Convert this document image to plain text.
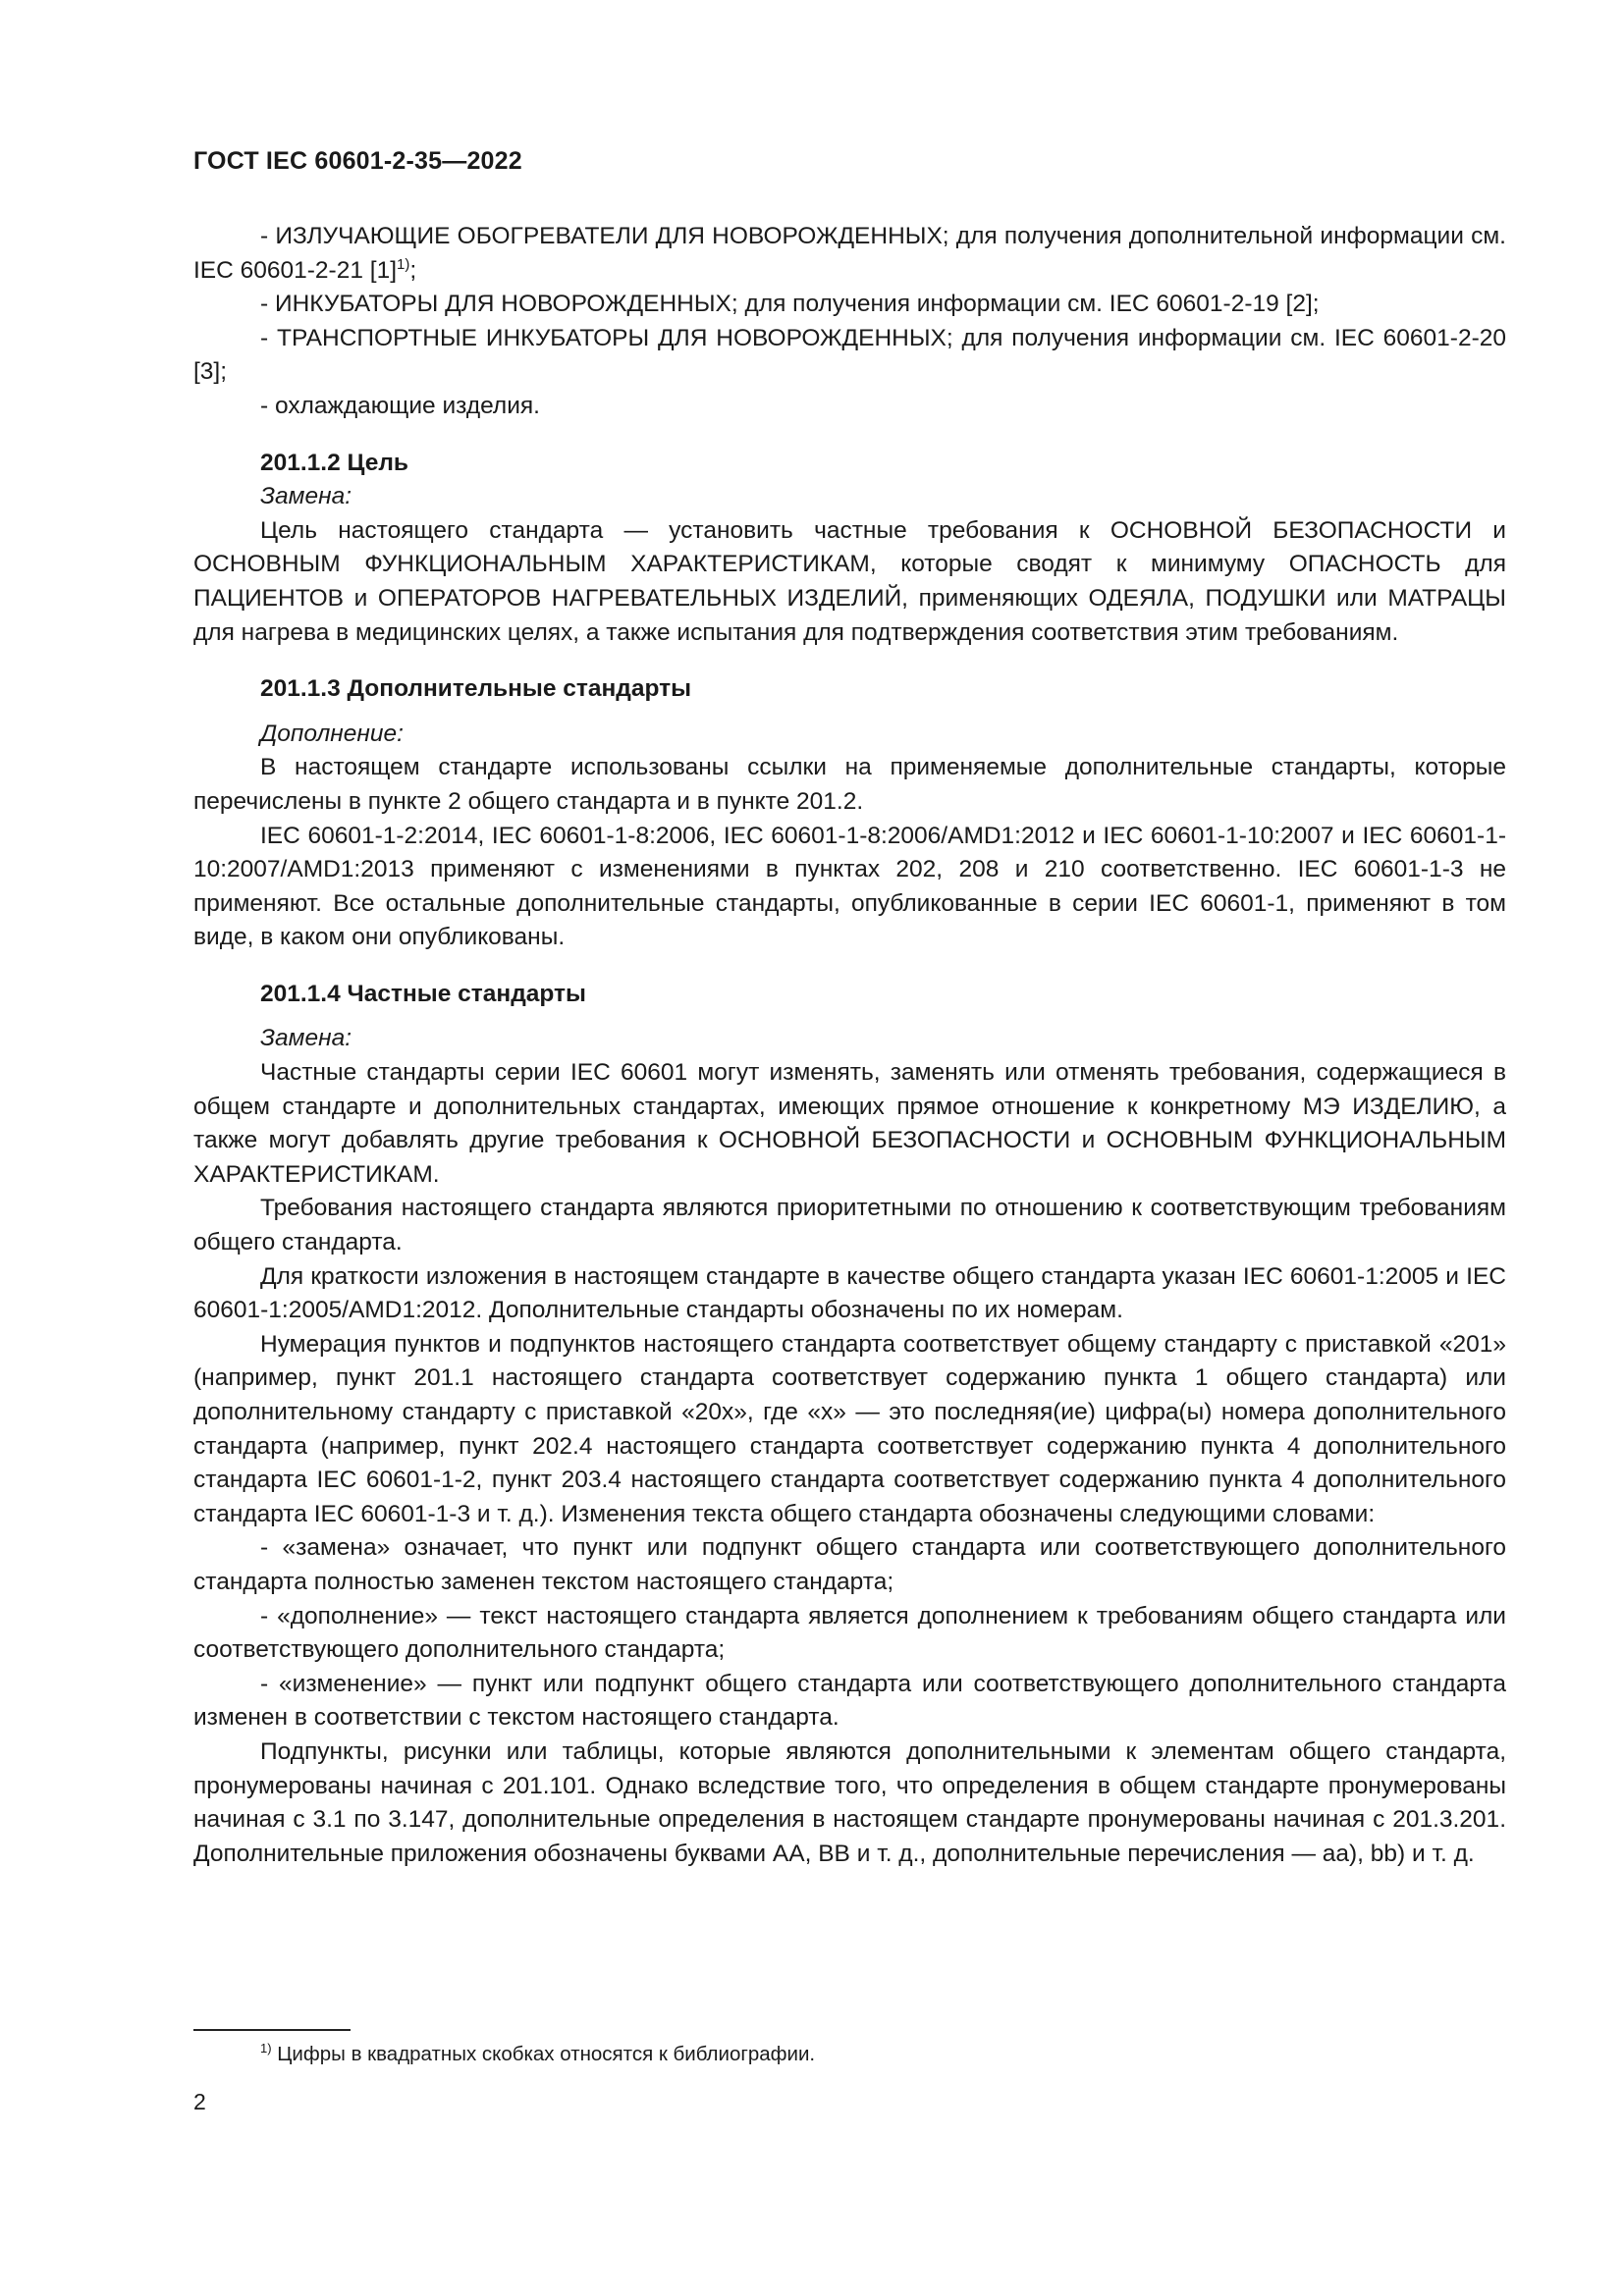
ГОСТ IEC 60601-2-35—2022

- ИЗЛУЧАЮЩИЕ ОБОГРЕВАТЕЛИ ДЛЯ НОВОРОЖДЕННЫХ; для получения дополнительной информации см. IEC 60601-2-21 $[1]^{1)}$;

- ИНКУБАТОРЫ ДЛЯ НОВОРОЖДЕННЫХ; для получения информации см. IEC 60601-2-19 [2];

- ТРАНСПОРТНЫЕ ИНКУБАТОРЫ ДЛЯ НОВОРОЖДЕННЫХ; для получения информации см. IEC 60601-2-20 [3];

- охлаждающие изделия.

201.1.2 Цель

Замена:

Цель настоящего стандарта — установить частные требования к ОСНОВНОЙ БЕЗОПАСНОСТИ и ОСНОВНЫМ ФУНКЦИОНАЛЬНЫМ ХАРАКТЕРИСТИКАМ, которые сводят к минимуму ОПАСНОСТЬ для ПАЦИЕНТОВ и ОПЕРАТОРОВ НАГРЕВАТЕЛЬНЫХ ИЗДЕЛИЙ, применяющих ОДЕЯЛА, ПОДУШКИ или МАТРАЦЫ для нагрева в медицинских целях, а также испытания для подтверждения соответствия этим требованиям.

201.1.3 Дополнительные стандарты

Дополнение:

В настоящем стандарте использованы ссылки на применяемые дополнительные стандарты, которые перечислены в пункте 2 общего стандарта и в пункте 201.2.

IEC 60601-1-2:2014, IEC 60601-1-8:2006, IEC 60601-1-8:2006/AMD1:2012 и IEC 60601-1-10:2007 и IEC 60601-1-10:2007/AMD1:2013 применяют с изменениями в пунктах 202, 208 и 210 соответственно. IEC 60601-1-3 не применяют. Все остальные дополнительные стандарты, опубликованные в серии IEC 60601-1, применяют в том виде, в каком они опубликованы.

201.1.4 Частные стандарты

Замена:

Частные стандарты серии IEC 60601 могут изменять, заменять или отменять требования, содержащиеся в общем стандарте и дополнительных стандартах, имеющих прямое отношение к конкретному МЭ ИЗДЕЛИЮ, а также могут добавлять другие требования к ОСНОВНОЙ БЕЗОПАСНОСТИ и ОСНОВНЫМ ФУНКЦИОНАЛЬНЫМ ХАРАКТЕРИСТИКАМ.

Требования настоящего стандарта являются приоритетными по отношению к соответствующим требованиям общего стандарта.

Для краткости изложения в настоящем стандарте в качестве общего стандарта указан IEC 60601-1:2005 и IEC 60601-1:2005/AMD1:2012. Дополнительные стандарты обозначены по их номерам.

Нумерация пунктов и подпунктов настоящего стандарта соответствует общему стандарту с приставкой «201» (например, пункт 201.1 настоящего стандарта соответствует содержанию пункта 1 общего стандарта) или дополнительному стандарту с приставкой «20x», где «x» — это последняя(ие) цифра(ы) номера дополнительного стандарта (например, пункт 202.4 настоящего стандарта соответствует содержанию пункта 4 дополнительного стандарта IEC 60601-1-2, пункт 203.4 настоящего стандарта соответствует содержанию пункта 4 дополнительного стандарта IEC 60601-1-3 и т. д.). Изменения текста общего стандарта обозначены следующими словами:

- «замена» означает, что пункт или подпункт общего стандарта или соответствующего дополнительного стандарта полностью заменен текстом настоящего стандарта;

- «дополнение» — текст настоящего стандарта является дополнением к требованиям общего стандарта или соответствующего дополнительного стандарта;

- «изменение» — пункт или подпункт общего стандарта или соответствующего дополнительного стандарта изменен в соответствии с текстом настоящего стандарта.

Подпункты, рисунки или таблицы, которые являются дополнительными к элементам общего стандарта, пронумерованы начиная с 201.101. Однако вследствие того, что определения в общем стандарте пронумерованы начиная с 3.1 по 3.147, дополнительные определения в настоящем стандарте пронумерованы начиная с 201.3.201. Дополнительные приложения обозначены буквами АА, ВВ и т. д., дополнительные перечисления — аа), bb) и т. д.

$^{1)}$ Цифры в квадратных скобках относятся к библиографии.
2
